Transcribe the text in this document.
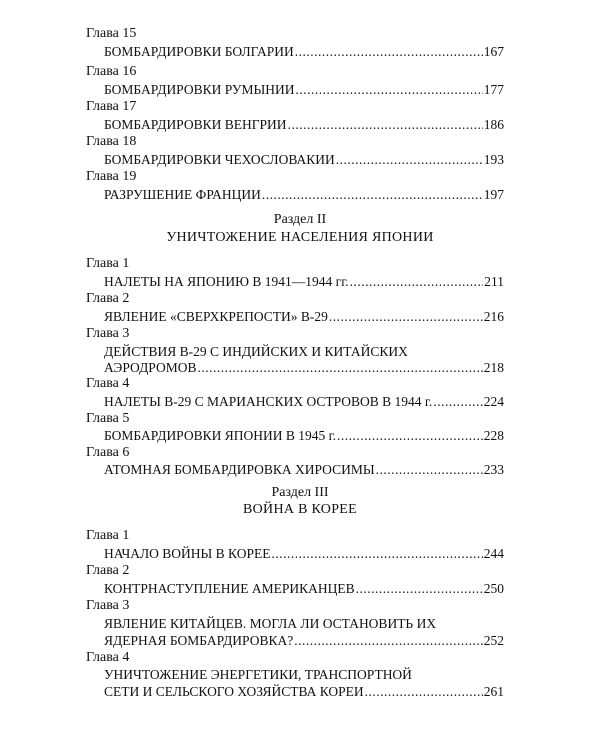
Глава 15
БОМБАРДИРОВКИ БОЛГАРИИ .....	167
Глава 16
БОМБАРДИРОВКИ РУМЫНИИ .....	177
Глава 17
БОМБАРДИРОВКИ ВЕНГРИИ .....	186
Глава 18
БОМБАРДИРОВКИ ЧЕХОСЛОВАКИИ .....	193
Глава 19
РАЗРУШЕНИЕ ФРАНЦИИ .....	197
Раздел II
УНИЧТОЖЕНИЕ НАСЕЛЕНИЯ ЯПОНИИ
Глава 1
НАЛЕТЫ НА ЯПОНИЮ В 1941—1944 гг. .....	211
Глава 2
ЯВЛЕНИЕ «СВЕРХКРЕПОСТИ» В-29 .....	216
Глава 3
ДЕЙСТВИЯ В-29 С ИНДИЙСКИХ И КИТАЙСКИХ
АЭРОДРОМОВ .....	218
Глава 4
НАЛЕТЫ В-29 С МАРИАНСКИХ ОСТРОВОВ В 1944 г. .....	224
Глава 5
БОМБАРДИРОВКИ ЯПОНИИ В 1945 г. .....	228
Глава 6
АТОМНАЯ БОМБАРДИРОВКА ХИРОСИМЫ .....	233
Раздел III
ВОЙНА В КОРЕЕ
Глава 1
НАЧАЛО ВОЙНЫ В КОРЕЕ .....	244
Глава 2
КОНТРНАСТУПЛЕНИЕ АМЕРИКАНЦЕВ .....	250
Глава 3
ЯВЛЕНИЕ КИТАЙЦЕВ. МОГЛА ЛИ ОСТАНОВИТЬ ИХ
ЯДЕРНАЯ БОМБАРДИРОВКА? .....	252
Глава 4
УНИЧТОЖЕНИЕ ЭНЕРГЕТИКИ, ТРАНСПОРТНОЙ
СЕТИ И СЕЛЬСКОГО ХОЗЯЙСТВА КОРЕИ .....	261
